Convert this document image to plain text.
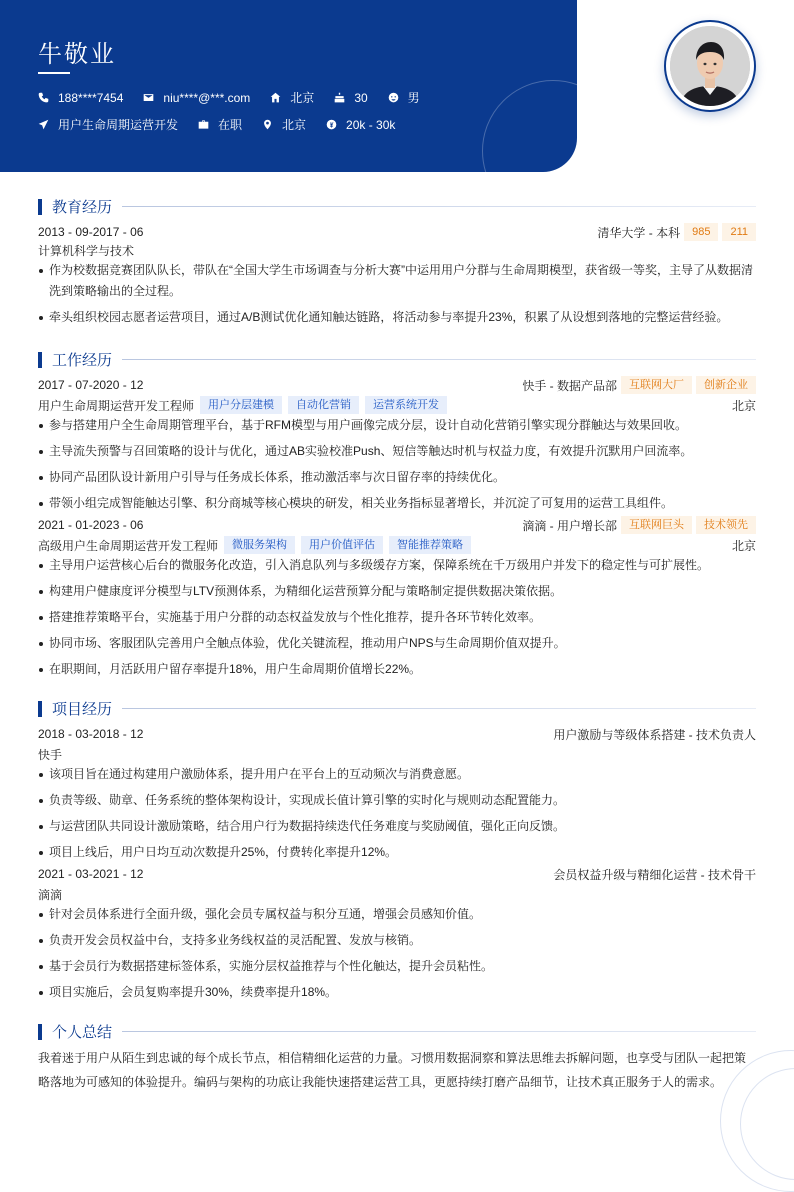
牛敬业
188****7454	niu****@***.com	北京	30	男
用户生命周期运营开发	在职	北京	20k - 30k
教育经历
2013 - 09-2017 - 06	清华大学 - 本科	985	211
计算机科学与技术
作为校数据竞赛团队队长，带队在“全国大学生市场调查与分析大赛”中运用用户分群与生命周期模型，获省级一等奖，主导了从数据清洗到策略输出的全过程。
牵头组织校园志愿者运营项目，通过A/B测试优化通知触达链路，将活动参与率提升23%，积累了从设想到落地的完整运营经验。
工作经历
2017 - 07-2020 - 12	快手 - 数据产品部	互联网大厂	创新企业
用户生命周期运营开发工程师	用户分层建模	自动化营销	运营系统开发	北京
参与搭建用户全生命周期管理平台，基于RFM模型与用户画像完成分层，设计自动化营销引擎实现分群触达与效果回收。
主导流失预警与召回策略的设计与优化，通过AB实验校准Push、短信等触达时机与权益力度，有效提升沉默用户回流率。
协同产品团队设计新用户引导与任务成长体系，推动激活率与次日留存率的持续优化。
带领小组完成智能触达引擎、积分商城等核心模块的研发，相关业务指标显著增长，并沉淀了可复用的运营工具组件。
2021 - 01-2023 - 06	滴滴 - 用户增长部	互联网巨头	技术领先
高级用户生命周期运营开发工程师	微服务架构	用户价值评估	智能推荐策略	北京
主导用户运营核心后台的微服务化改造，引入消息队列与多级缓存方案，保障系统在千万级用户并发下的稳定性与可扩展性。
构建用户健康度评分模型与LTV预测体系，为精细化运营预算分配与策略制定提供数据决策依据。
搭建推荐策略平台，实施基于用户分群的动态权益发放与个性化推荐，提升各环节转化效率。
协同市场、客服团队完善用户全触点体验，优化关键流程，推动用户NPS与生命周期价值双提升。
在职期间，月活跃用户留存率提升18%，用户生命周期价值增长22%。
项目经历
2018 - 03-2018 - 12	用户激励与等级体系搭建 - 技术负责人
快手
该项目旨在通过构建用户激励体系，提升用户在平台上的互动频次与消费意愿。
负责等级、勋章、任务系统的整体架构设计，实现成长值计算引擎的实时化与规则动态配置能力。
与运营团队共同设计激励策略，结合用户行为数据持续迭代任务难度与奖励阈值，强化正向反馈。
项目上线后，用户日均互动次数提升25%，付费转化率提升12%。
2021 - 03-2021 - 12	会员权益升级与精细化运营 - 技术骨干
滴滴
针对会员体系进行全面升级，强化会员专属权益与积分互通，增强会员感知价值。
负责开发会员权益中台，支持多业务线权益的灵活配置、发放与核销。
基于会员行为数据搭建标签体系，实施分层权益推荐与个性化触达，提升会员粘性。
项目实施后，会员复购率提升30%，续费率提升18%。
个人总结
我着迷于用户从陌生到忠诚的每个成长节点，相信精细化运营的力量。习惯用数据洞察和算法思维去拆解问题，也享受与团队一起把策略落地为可感知的体验提升。编码与架构的功底让我能快速搭建运营工具，更愿持续打磨产品细节，让技术真正服务于人的需求。
